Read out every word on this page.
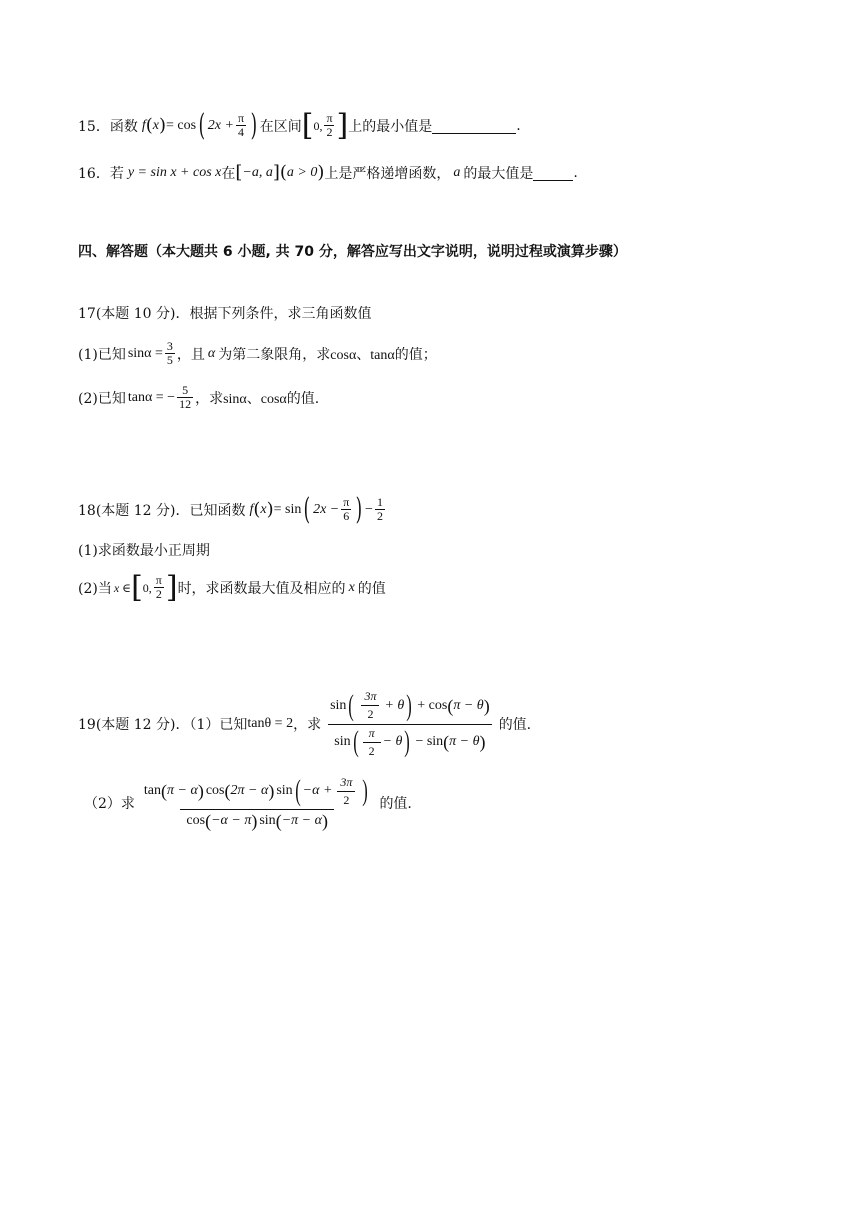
15． 函数 f ( x ) = cos ( $2x + \frac{\pi}{4}$ ) 在区间 [ 0, $\frac{\pi}{2}$ ] 上的最小值是	.
16． 若 y = sin x + cos x 在 [ −a, a ] ( a > 0 ) 上是严格递增函数， a 的最大值是	.
四、解答题（本大题共 6 小题, 共 70 分，解答应写出文字说明，说明过程或演算步骤）
17(本题 10 分)．根据下列条件，求三角函数值
(1)已知 $\sin\alpha = \frac{3}{5}$ ，且 α 为第二象限角，求 cosα、tanα 的值；
(2)已知 tanα = − $\frac{5}{12}$ ，求 sinα、cosα 的值.
18(本题 12 分)．已知函数 f ( x ) = sin ( $2x - \frac{\pi}{6}$ ) − $\frac{1}{2}$
(1)求函数最小正周期
(2)当 x ∈ [ 0, $\frac{\pi}{2}$ ] 时，求函数最大值及相应的 x 的值
19(本题 12 分)．（1）已知 tanθ = 2 ，求
sin ( $\frac{3\pi}{2} + \theta$ ) + cos ( π − θ )
sin ( $\frac{\pi}{2} - \theta$ ) − sin ( π − θ )
的值.
（2）求
tan ( π − α ) cos ( 2π − α ) sin ( $-\alpha + \frac{3\pi}{2}$ )
cos ( −α − π ) sin ( −π − α )
的值.
